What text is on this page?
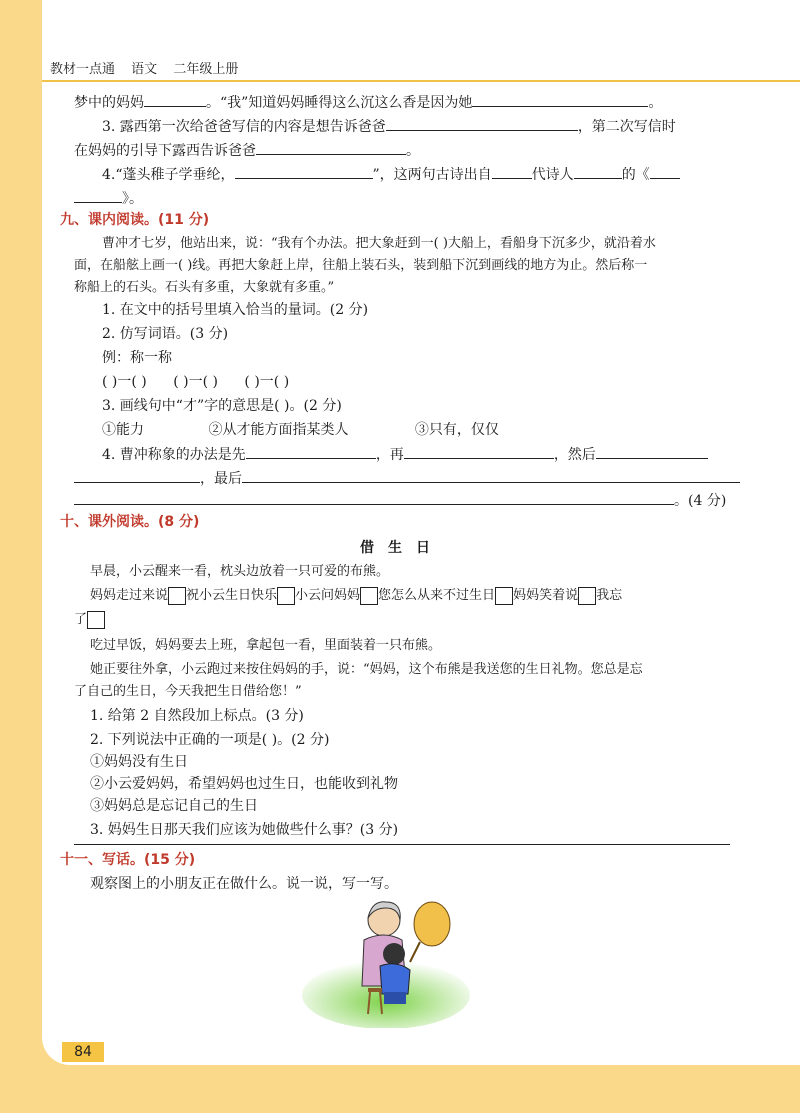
教材一点通 语文 二年级上册
梦中的妈妈	。“我”知道妈妈睡得这么沉这么香是因为她	。
3. 露西第一次给爸爸写信的内容是想告诉爸爸	，第二次写信时
在妈妈的引导下露西告诉爸爸	。
4.“蓬头稚子学垂纶，	”，这两句古诗出自	代诗人	的《
》。
九、课内阅读。(11 分)
曹冲才七岁，他站出来，说：“我有个办法。把大象赶到一( )大船上，看船身下沉多少，就沿着水
面，在船舷上画一( )线。再把大象赶上岸，往船上装石头，装到船下沉到画线的地方为止。然后称一
称船上的石头。石头有多重，大象就有多重。”
1. 在文中的括号里填入恰当的量词。(2 分)
2. 仿写词语。(3 分)
例：称一称
( )一( ) ( )一( ) ( )一( )
3. 画线句中“才”字的意思是( )。(2 分)
①能力	②从才能方面指某类人	③只有，仅仅
4. 曹冲称象的办法是先	，再	，然后
，最后
。(4 分)
十、课外阅读。(8 分)
借生日
早晨，小云醒来一看，枕头边放着一只可爱的布熊。
妈妈走过来说 祝小云生日快乐 小云问妈妈 您怎么从来不过生日 妈妈笑着说 我忘
了
吃过早饭，妈妈要去上班，拿起包一看，里面装着一只布熊。
她正要往外拿，小云跑过来按住妈妈的手，说：“妈妈，这个布熊是我送您的生日礼物。您总是忘
了自己的生日，今天我把生日借给您！”
1. 给第 2 自然段加上标点。(3 分)
2. 下列说法中正确的一项是( )。(2 分)
①妈妈没有生日
②小云爱妈妈，希望妈妈也过生日，也能收到礼物
③妈妈总是忘记自己的生日
3. 妈妈生日那天我们应该为她做些什么事？(3 分)
十一、写话。(15 分)
观察图上的小朋友正在做什么。说一说，写一写。
84
